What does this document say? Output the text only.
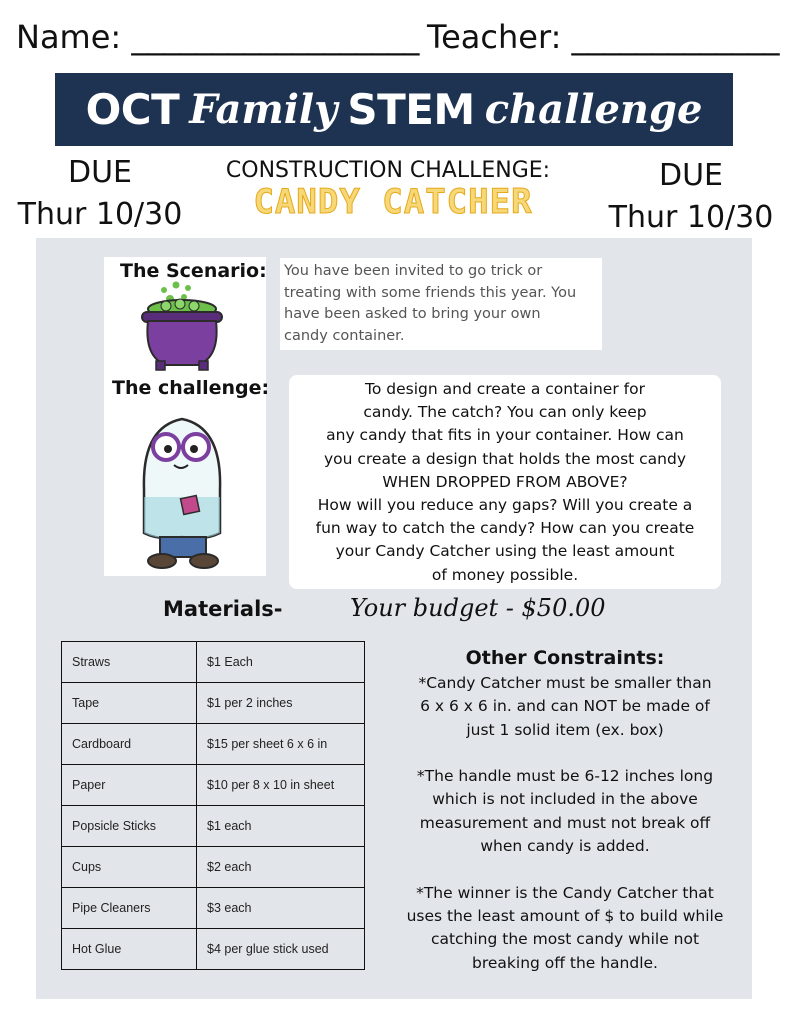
Name: __________________ Teacher: _____________
OCT Family STEM challenge
DUE
Thur 10/30
DUE
Thur 10/30
CONSTRUCTION CHALLENGE:
CANDY CATCHER
The Scenario:
The challenge:
You have been invited to go trick or
treating with some friends this year. You
have been asked to bring your own
candy container.
To design and create a container for
candy. The catch? You can only keep
any candy that fits in your container. How can
you create a design that holds the most candy
WHEN DROPPED FROM ABOVE?
How will you reduce any gaps? Will you create a
fun way to catch the candy? How can you create
your Candy Catcher using the least amount
of money possible.
Materials-	Your budget - $50.00
Straws	$1 Each
Tape	$1 per 2 inches
Cardboard	$15 per sheet 6 x 6 in
Paper	$10 per 8 x 10 in sheet
Popsicle Sticks	$1 each
Cups	$2 each
Pipe Cleaners	$3 each
Hot Glue	$4 per glue stick used
Other Constraints:
*Candy Catcher must be smaller than
6 x 6 x 6 in. and can NOT be made of
just 1 solid item (ex. box)
*The handle must be 6-12 inches long
which is not included in the above
measurement and must not break off
when candy is added.
*The winner is the Candy Catcher that
uses the least amount of $ to build while
catching the most candy while not
breaking off the handle.
